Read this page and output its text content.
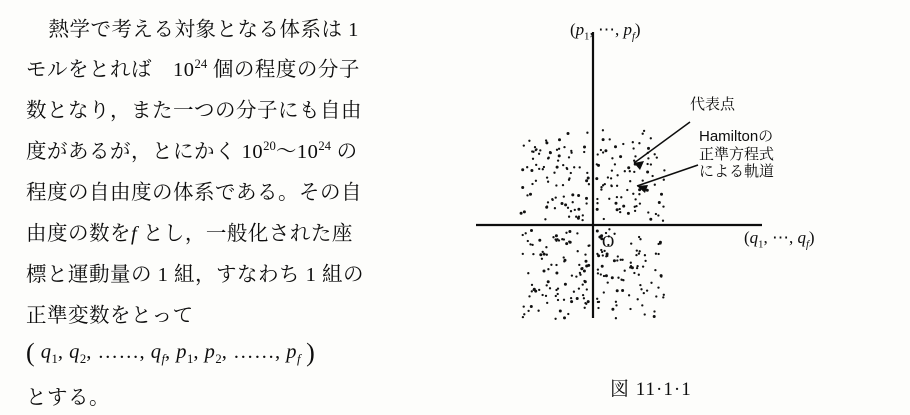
熱学で考える対象となる体系は 1
モルをとれば　$10^{24}$ 個の程度の分子
数となり，また一つの分子にも自由
度があるが，とにかく $10^{20}$〜$10^{24}$ の
程度の自由度の体系である。その自
由度の数をf とし，一般化された座
標と運動量の 1 組，すなわち 1 組の
正準変数をとって
( $q_1$, $q_2$, ……, $q_f$, $p_1$, $p_2$, ……, $p_f$ )
とする。
($p_1$, ⋯, $p_f$)
($q_1$, ⋯, $q_f$)
O
代表点
Hamiltonの
正準方程式
による軌道
図 11·1·1
